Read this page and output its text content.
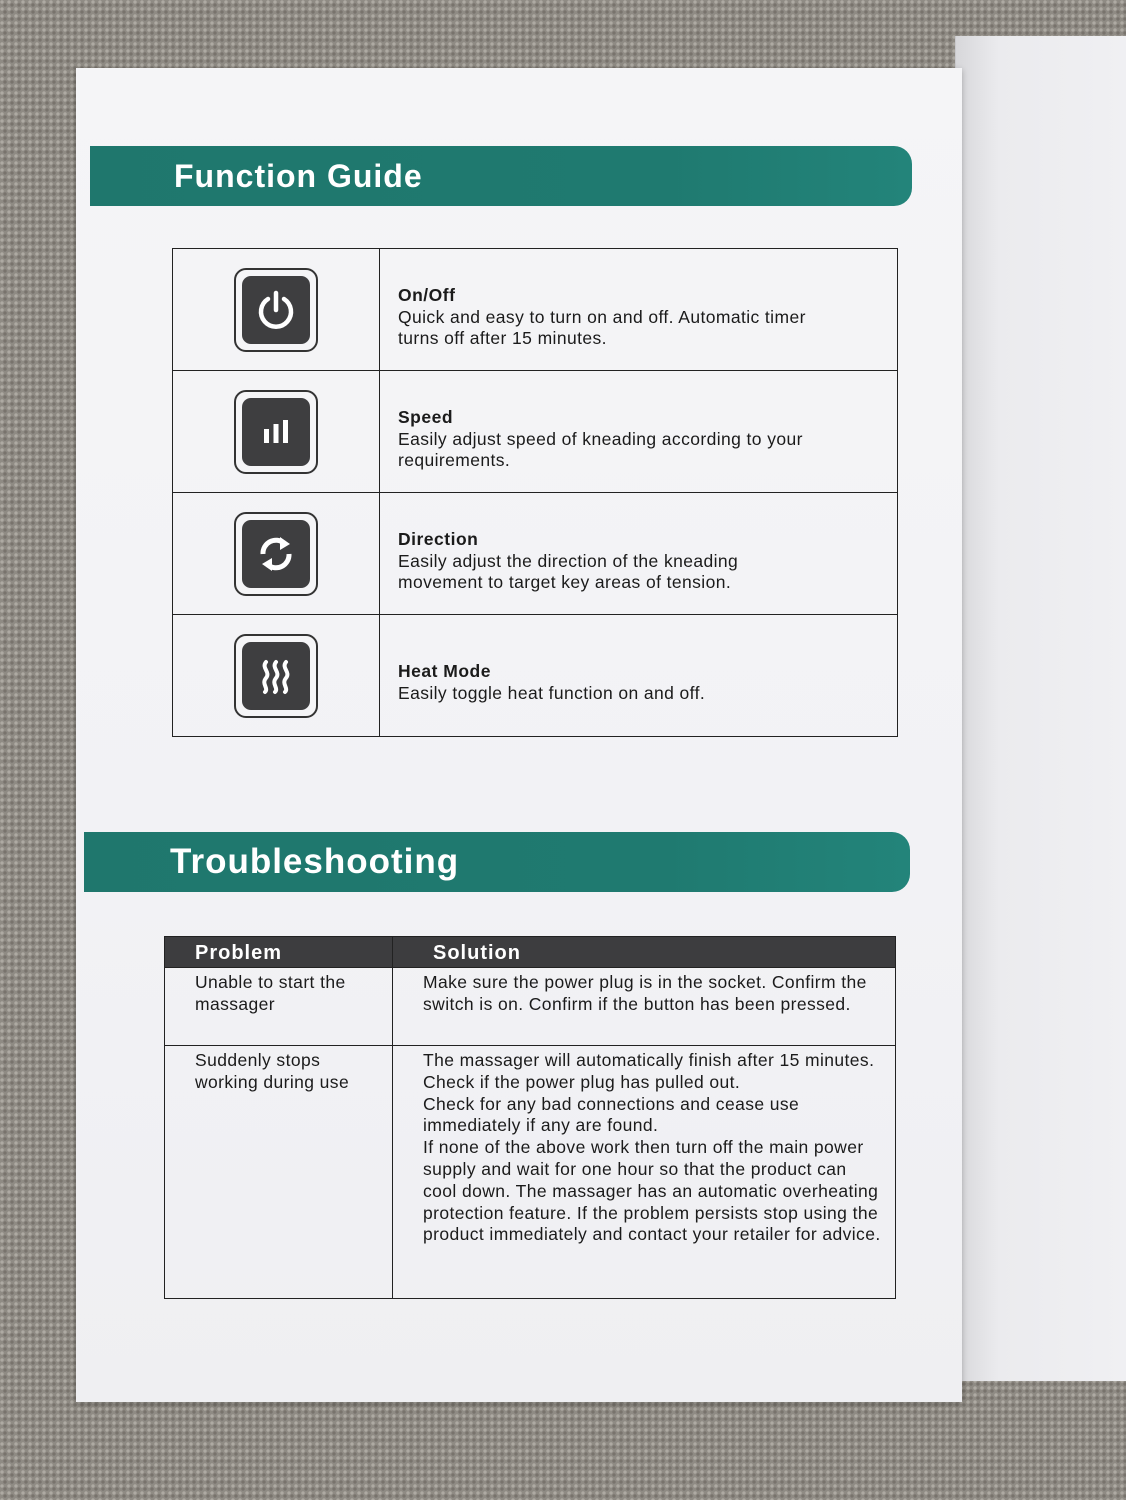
Function Guide
On/Off
Quick and easy to turn on and off. Automatic timer turns off after 15 minutes.
Speed
Easily adjust speed of kneading according to your requirements.
Direction
Easily adjust the direction of the kneading movement to target key areas of tension.
Heat Mode
Easily toggle heat function on and off.
Troubleshooting
Problem	Solution
Unable to start the massager
Make sure the power plug is in the socket. Confirm the switch is on. Confirm if the button has been pressed.
Suddenly stops working during use
The massager will automatically finish after 15 minutes.
Check if the power plug has pulled out.
Check for any bad connections and cease use immediately if any are found.
If none of the above work then turn off the main power supply and wait for one hour so that the product can cool down. The massager has an automatic overheating protection feature. If the problem persists stop using the product immediately and contact your retailer for advice.
